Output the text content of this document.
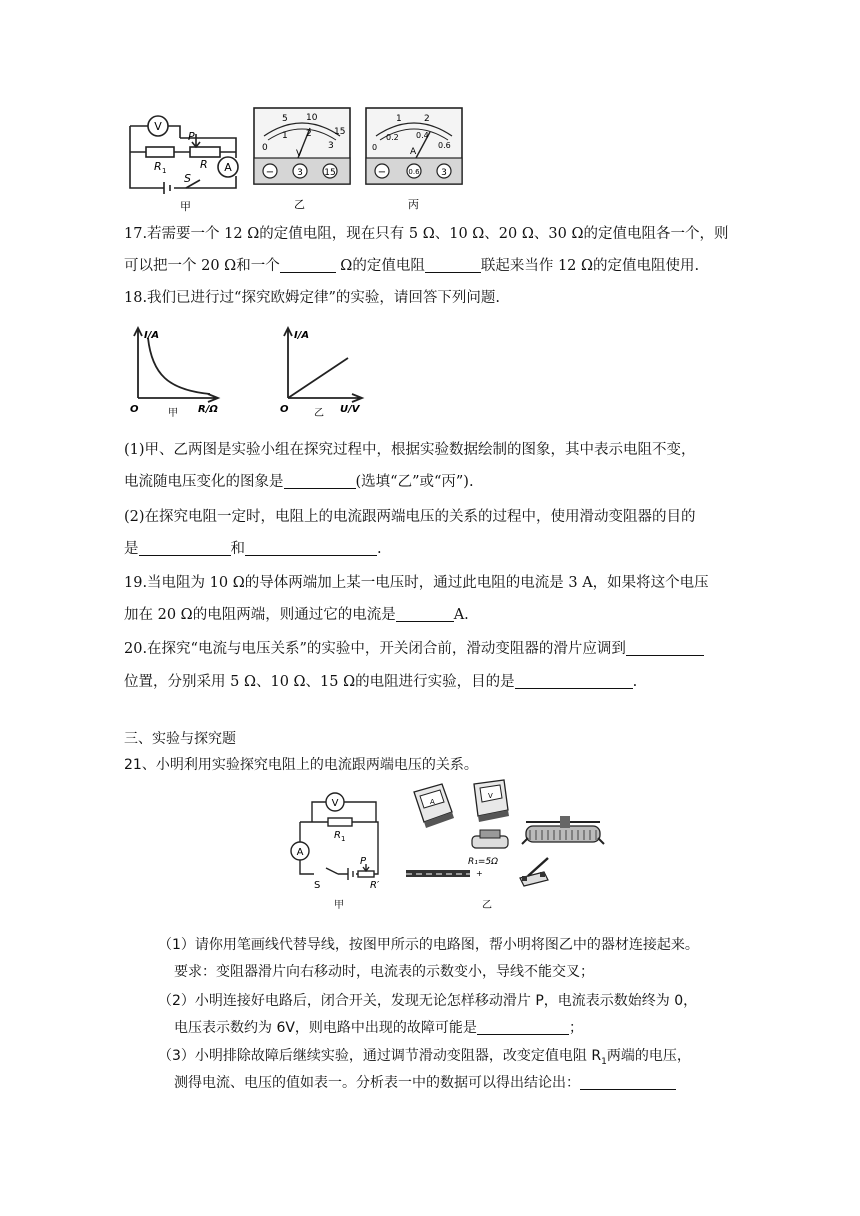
V
A
R 1	R
P
S
甲
5 10
15
0
1 2
3
V
−	3 15
乙
1 2
0
0.2 0.4
0.6
A
−	0.6 3
丙
17.若需要一个 12 Ω的定值电阻，现在只有 5 Ω、10 Ω、20 Ω、30 Ω的定值电阻各一个，则
可以把一个 20 Ω和一个	Ω的定值电阻	联起来当作 12 Ω的定值电阻使用.
18.我们已进行过“探究欧姆定律”的实验，请回答下列问题.
I/A
R/Ω
O	甲
I/A
U/V
O	乙
(1)甲、乙两图是实验小组在探究过程中，根据实验数据绘制的图象，其中表示电阻不变，
电流随电压变化的图象是	(选填“乙”或“丙”).
(2)在探究电阻一定时，电阻上的电流跟两端电压的关系的过程中，使用滑动变阻器的目的
是	和	.
19.当电阻为 10 Ω的导体两端加上某一电压时，通过此电阻的电流是 3 A，如果将这个电压
加在 20 Ω的电阻两端，则通过它的电流是	A.
20.在探究“电流与电压关系”的实验中，开关闭合前，滑动变阻器的滑片应调到
位置，分别采用 5 Ω、10 Ω、15 Ω的电阻进行实验，目的是	.
三、实验与探究题
21、小明利用实验探究电阻上的电流跟两端电压的关系。
V
A
R 1
R′
P
S
甲
A
V
R₁=5Ω
+
乙
（1）请你用笔画线代替导线，按图甲所示的电路图，帮小明将图乙中的器材连接起来。
要求：变阻器滑片向右移动时，电流表的示数变小，导线不能交叉；
（2）小明连接好电路后，闭合开关，发现无论怎样移动滑片 P，电流表示数始终为 0，
电压表示数约为 6V，则电路中出现的故障可能是	；
（3）小明排除故障后继续实验，通过调节滑动变阻器，改变定值电阻 $R_1$两端的电压，
测得电流、电压的值如表一。分析表一中的数据可以得出结论出：
